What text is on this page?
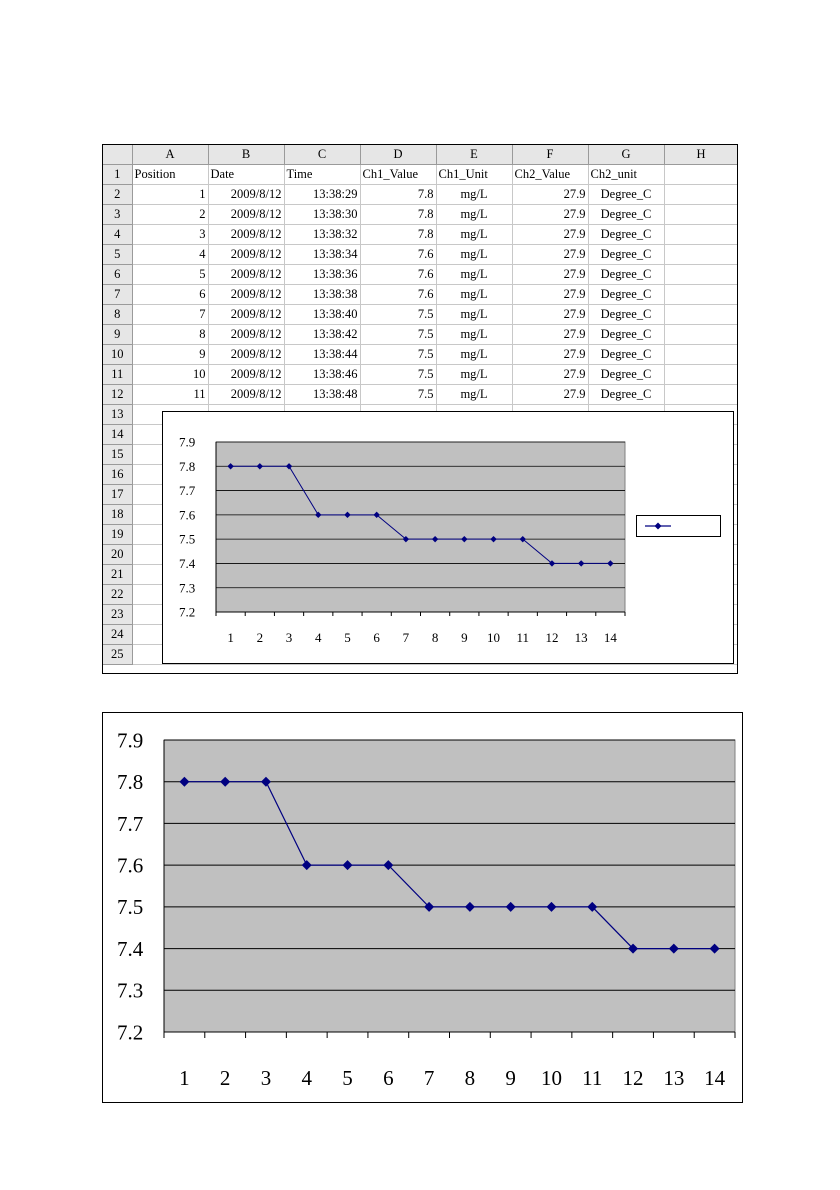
	A	B	C	D	E	F	G	H
1	Position	Date	Time	Ch1_Value	Ch1_Unit	Ch2_Value	Ch2_unit	
2	1	2009/8/12	13:38:29	7.8	mg/L	27.9	Degree_C	
3	2	2009/8/12	13:38:30	7.8	mg/L	27.9	Degree_C	
4	3	2009/8/12	13:38:32	7.8	mg/L	27.9	Degree_C	
5	4	2009/8/12	13:38:34	7.6	mg/L	27.9	Degree_C	
6	5	2009/8/12	13:38:36	7.6	mg/L	27.9	Degree_C	
7	6	2009/8/12	13:38:38	7.6	mg/L	27.9	Degree_C	
8	7	2009/8/12	13:38:40	7.5	mg/L	27.9	Degree_C	
9	8	2009/8/12	13:38:42	7.5	mg/L	27.9	Degree_C	
10	9	2009/8/12	13:38:44	7.5	mg/L	27.9	Degree_C	
11	10	2009/8/12	13:38:46	7.5	mg/L	27.9	Degree_C	
12	11	2009/8/12	13:38:48	7.5	mg/L	27.9	Degree_C	
13								
14								
15								
16								
17								
18								
19								
20								
21								
22								
23								
24								
25								
7.9
7.8
7.7
7.6
7.5
7.4
7.3
7.2
1 2 3 4 5 6 7 8 9 10 11 12 13 14
7.9
7.8
7.7
7.6
7.5
7.4
7.3
7.2
1 2 3 4 5 6 7 8 9 10 11 12 13 14
